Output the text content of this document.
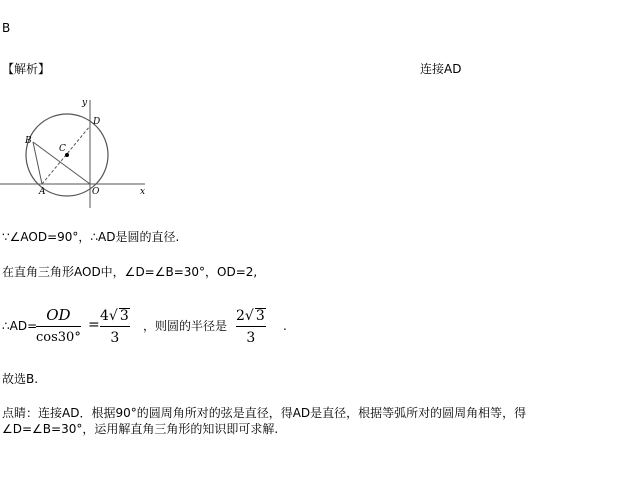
B
【解析】	连接AD
y
x
B
D
C
A	O
∵∠AOD=90°，∴AD是圆的直径.
在直角三角形AOD中，∠D=∠B=30°，OD=2,
∴AD=
OD
cos30°
=
4√ 3
3
，则圆的半径是
2√ 3
3
.
故选B.
点睛：连接AD．根据90°的圆周角所对的弦是直径，得AD是直径，根据等弧所对的圆周角相等，得
∠D=∠B=30°，运用解直角三角形的知识即可求解.
